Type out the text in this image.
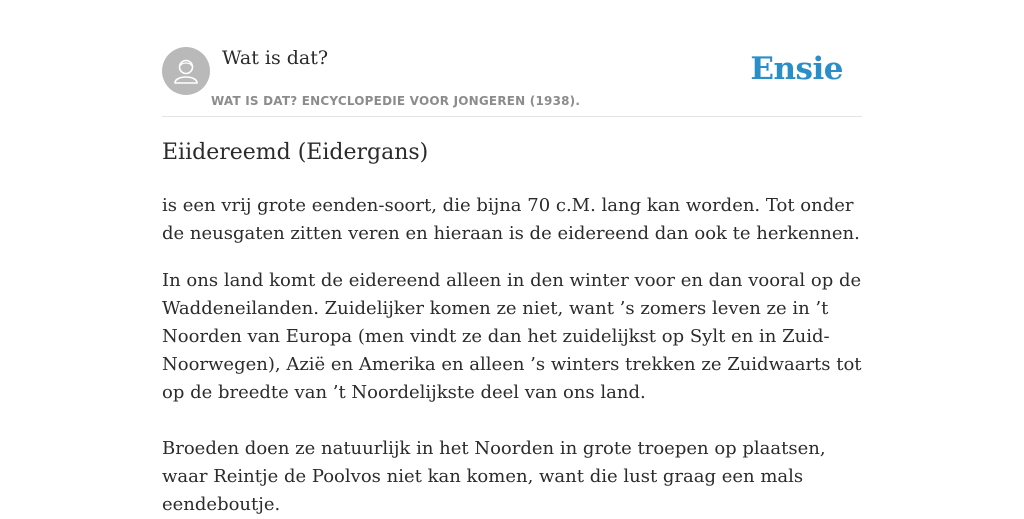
Wat is dat?
WAT IS DAT? ENCYCLOPEDIE VOOR JONGEREN (1938).
Ensie
Eiidereemd (Eidergans)

is een vrij grote eenden-soort, die bijna 70 c.M. lang kan worden. Tot onder de neusgaten zitten veren en hieraan is de eidereend dan ook te herkennen.

In ons land komt de eidereend alleen in den winter voor en dan vooral op de Waddeneilanden. Zuidelijker komen ze niet, want ’s zomers leven ze in ’t Noorden van Europa (men vindt ze dan het zuidelijkst op Sylt en in Zuid-Noorwegen), Azië en Amerika en alleen ’s winters trekken ze Zuidwaarts tot op de breedte van ’t Noordelijkste deel van ons land.

Broeden doen ze natuurlijk in het Noorden in grote troepen op plaatsen, waar Reintje de Poolvos niet kan komen, want die lust graag een mals eendeboutje.
